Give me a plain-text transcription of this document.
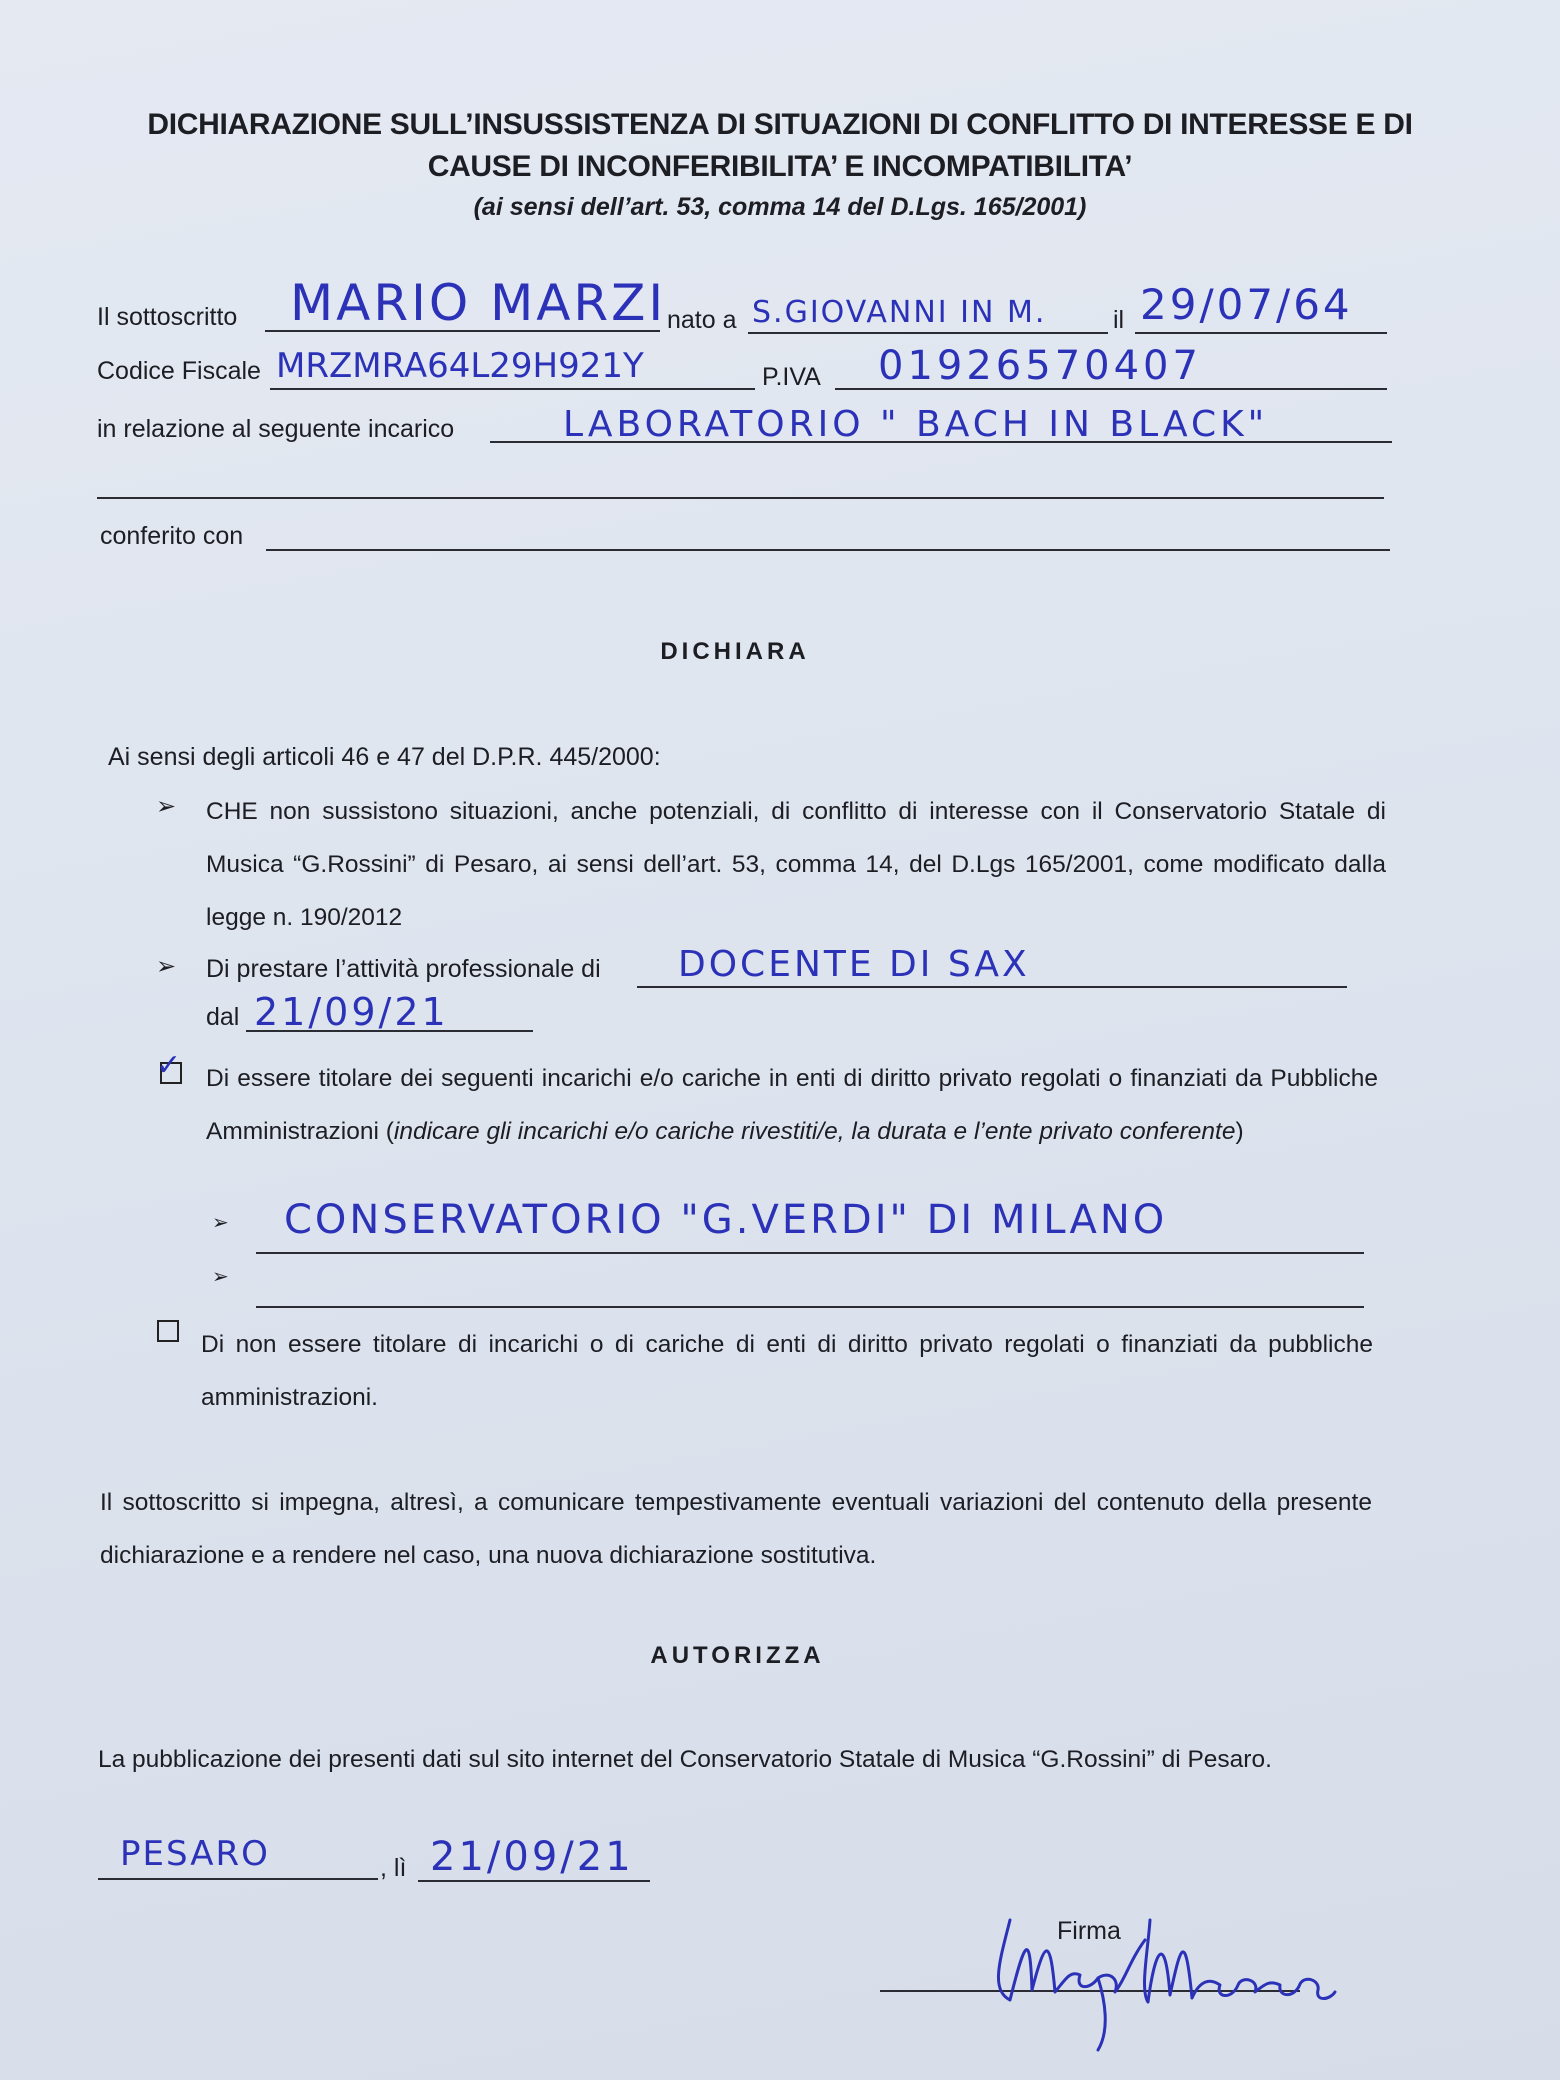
DICHIARAZIONE SULL’INSUSSISTENZA DI SITUAZIONI DI CONFLITTO DI INTERESSE E DI
CAUSE DI INCONFERIBILITA’ E INCOMPATIBILITA’
(ai sensi dell’art. 53, comma 14 del D.Lgs. 165/2001)
Il sottoscritto MARIO MARZI nato a S.GIOVANNI IN M.	il 29/07/64
Codice Fiscale MRZMRA64L29H921Y	P.IVA 01926570407
in relazione al seguente incarico	LABORATORIO " BACH IN BLACK"
conferito con
DICHIARA
Ai sensi degli articoli 46 e 47 del D.P.R. 445/2000:
➢ CHE non sussistono situazioni, anche potenziali, di conflitto di interesse con il Conservatorio Statale di Musica “G.Rossini” di Pesaro, ai sensi dell’art. 53, comma 14, del D.Lgs 165/2001, come modificato dalla legge n. 190/2012
➢ Di prestare l’attività professionale di DOCENTE DI SAX
dal 21/09/21
✓ Di essere titolare dei seguenti incarichi e/o cariche in enti di diritto privato regolati o finanziati da Pubbliche Amministrazioni (indicare gli incarichi e/o cariche rivestiti/e, la durata e l’ente privato conferente)
➢ CONSERVATORIO "G.VERDI" DI MILANO
➢
Di non essere titolare di incarichi o di cariche di enti di diritto privato regolati o finanziati da pubbliche amministrazioni.
Il sottoscritto si impegna, altresì, a comunicare tempestivamente eventuali variazioni del contenuto della presente dichiarazione e a rendere nel caso, una nuova dichiarazione sostitutiva.
AUTORIZZA
La pubblicazione dei presenti dati sul sito internet del Conservatorio Statale di Musica “G.Rossini” di Pesaro.
PESARO	, lì 21/09/21
Firma
